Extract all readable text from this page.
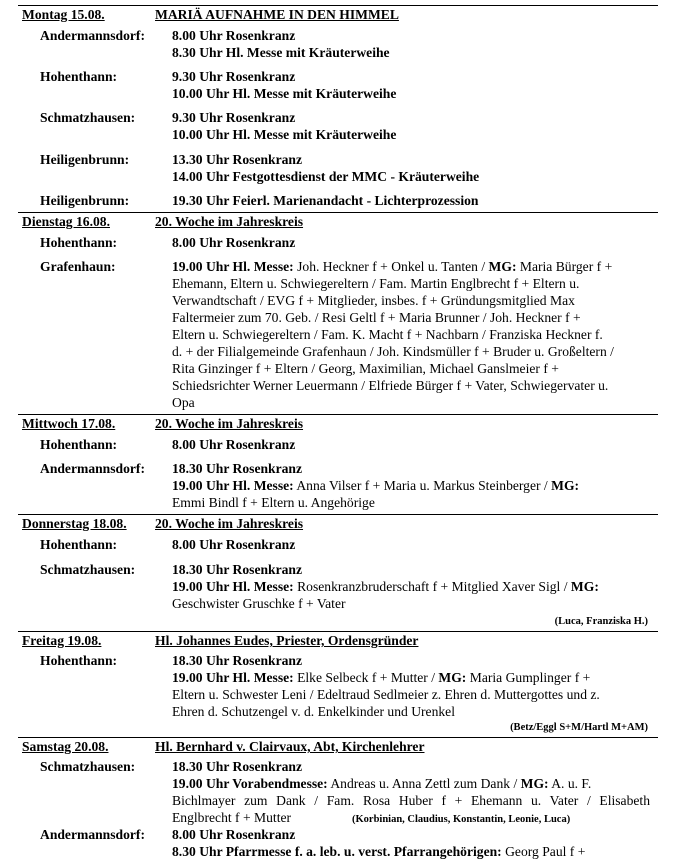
Montag 15.08.	MARIÄ AUFNAHME IN DEN HIMMEL
Andermannsdorf: 8.00 Uhr Rosenkranz
8.30 Uhr Hl. Messe mit Kräuterweihe
Hohenthann:	9.30 Uhr Rosenkranz
10.00 Uhr Hl. Messe mit Kräuterweihe
Schmatzhausen:	9.30 Uhr Rosenkranz
10.00 Uhr Hl. Messe mit Kräuterweihe
Heiligenbrunn:	13.30 Uhr Rosenkranz
14.00 Uhr Festgottesdienst der MMC - Kräuterweihe
Heiligenbrunn:	19.30 Uhr Feierl. Marienandacht - Lichterprozession
Dienstag 16.08.	20. Woche im Jahreskreis
Hohenthann:	8.00 Uhr Rosenkranz
Grafenhaun:	19.00 Uhr Hl. Messe: Joh. Heckner f + Onkel u. Tanten / MG: Maria Bürger f +
Ehemann, Eltern u. Schwiegereltern / Fam. Martin Englbrecht f + Eltern u.
Verwandtschaft / EVG f + Mitglieder, insbes. f + Gründungsmitglied Max
Faltermeier zum 70. Geb. / Resi Geltl f + Maria Brunner / Joh. Heckner f +
Eltern u. Schwiegereltern / Fam. K. Macht f + Nachbarn / Franziska Heckner f.
d. + der Filialgemeinde Grafenhaun / Joh. Kindsmüller f + Bruder u. Großeltern /
Rita Ginzinger f + Eltern / Georg, Maximilian, Michael Ganslmeier f +
Schiedsrichter Werner Leuermann / Elfriede Bürger f + Vater, Schwiegervater u.
Opa
Mittwoch 17.08.	20. Woche im Jahreskreis
Hohenthann:	8.00 Uhr Rosenkranz
Andermannsdorf: 18.30 Uhr Rosenkranz
19.00 Uhr Hl. Messe: Anna Vilser f + Maria u. Markus Steinberger / MG:
Emmi Bindl f + Eltern u. Angehörige
Donnerstag 18.08. 20. Woche im Jahreskreis
Hohenthann:	8.00 Uhr Rosenkranz
Schmatzhausen:	18.30 Uhr Rosenkranz
19.00 Uhr Hl. Messe: Rosenkranzbruderschaft f + Mitglied Xaver Sigl / MG:
Geschwister Gruschke f + Vater
(Luca, Franziska H.)
Freitag 19.08.	Hl. Johannes Eudes, Priester, Ordensgründer
Hohenthann:	18.30 Uhr Rosenkranz
19.00 Uhr Hl. Messe: Elke Selbeck f + Mutter / MG: Maria Gumplinger f +
Eltern u. Schwester Leni / Edeltraud Sedlmeier z. Ehren d. Muttergottes und z.
Ehren d. Schutzengel v. d. Enkelkinder und Urenkel
(Betz/Eggl S+M/Hartl M+AM)
Samstag 20.08.	Hl. Bernhard v. Clairvaux, Abt, Kirchenlehrer
Schmatzhausen:	18.30 Uhr Rosenkranz
19.00 Uhr Vorabendmesse: Andreas u. Anna Zettl zum Dank / MG: A. u. F.
Bichlmayer zum Dank / Fam. Rosa Huber f + Ehemann u. Vater / Elisabeth
Englbrecht f + Mutter	(Korbinian, Claudius, Konstantin, Leonie, Luca)
Andermannsdorf: 8.00 Uhr Rosenkranz
8.30 Uhr Pfarrmesse f. a. leb. u. verst. Pfarrangehörigen: Georg Paul f +
